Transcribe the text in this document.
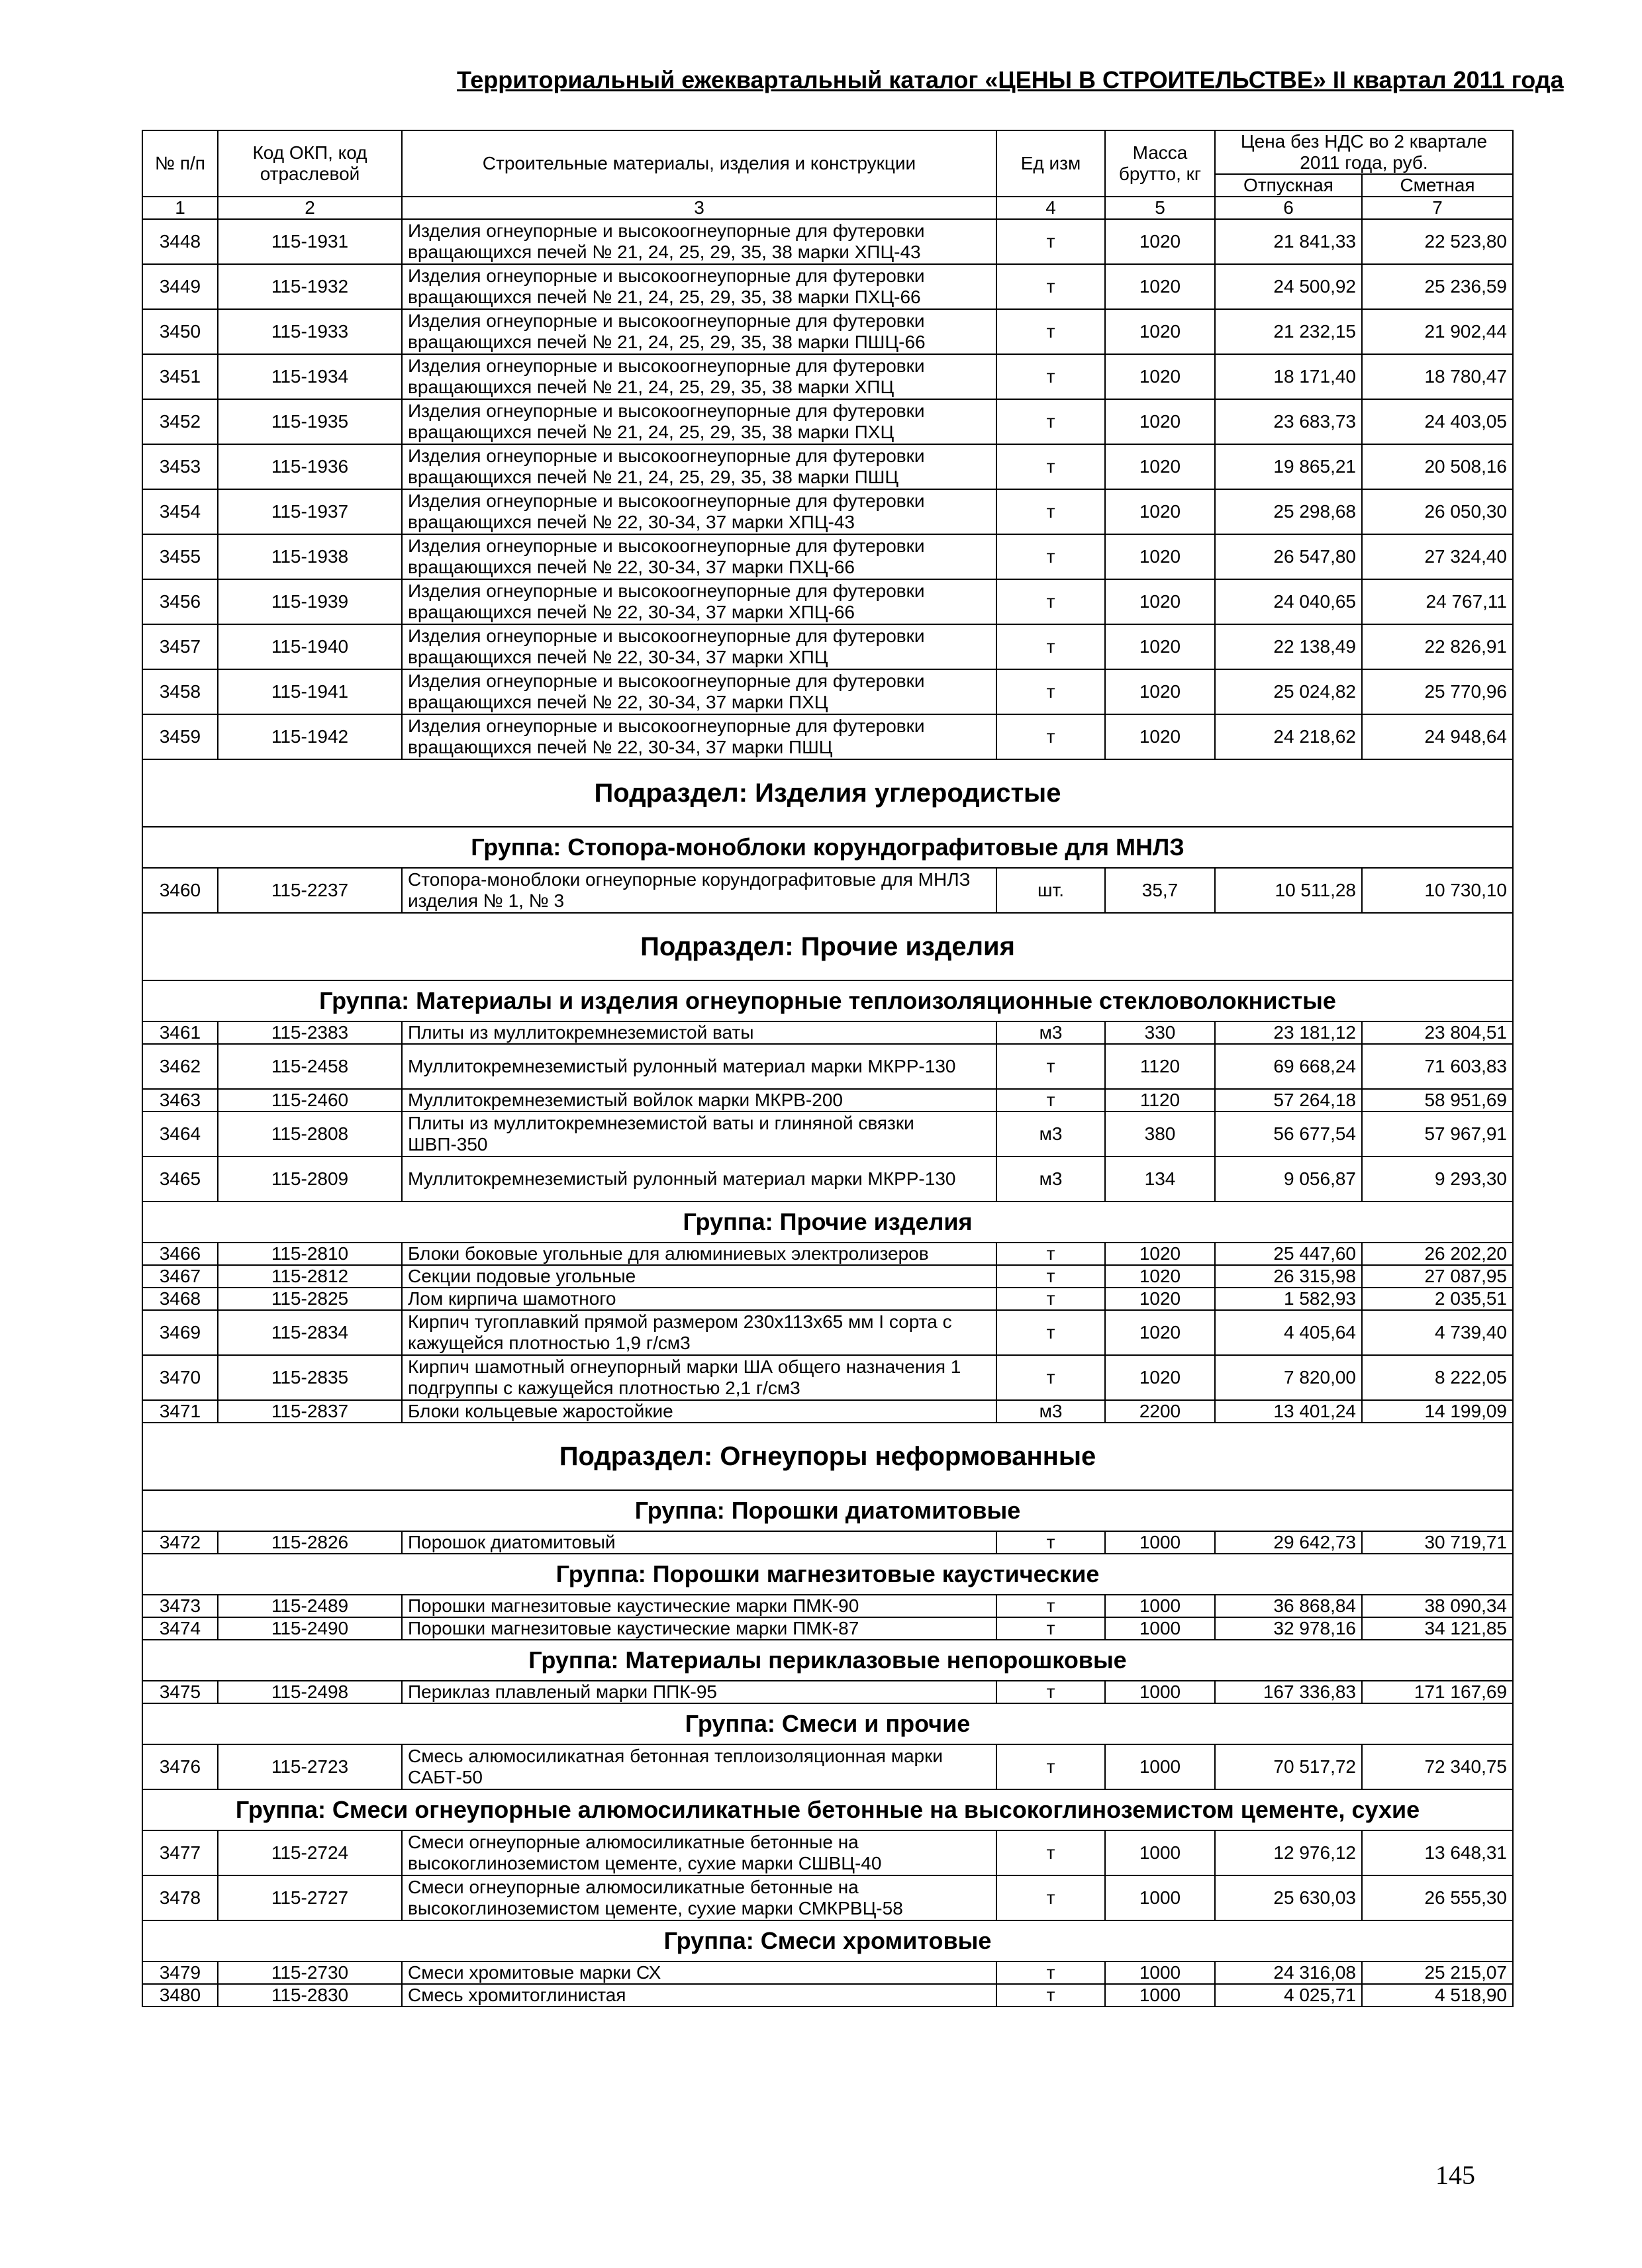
Территориальный ежеквартальный каталог «ЦЕНЫ В СТРОИТЕЛЬСТВЕ» II квартал 2011 года
№ п/п	Код ОКП, код отраслевой	Строительные материалы, изделия и конструкции	Ед изм	Масса брутто, кг	Цена без НДС во 2 квартале 2011 года, руб.	
					Отпускная	Сметная
1	2	3	4	5	6	7
3448	115-1931	Изделия огнеупорные и высокоогнеупорные для футеровки вращающихся печей № 21, 24, 25, 29, 35, 38 марки ХПЦ-43	т	1020	21 841,33	22 523,80
3449	115-1932	Изделия огнеупорные и высокоогнеупорные для футеровки вращающихся печей № 21, 24, 25, 29, 35, 38 марки ПХЦ-66	т	1020	24 500,92	25 236,59
3450	115-1933	Изделия огнеупорные и высокоогнеупорные для футеровки вращающихся печей № 21, 24, 25, 29, 35, 38 марки ПШЦ-66	т	1020	21 232,15	21 902,44
3451	115-1934	Изделия огнеупорные и высокоогнеупорные для футеровки вращающихся печей № 21, 24, 25, 29, 35, 38 марки ХПЦ	т	1020	18 171,40	18 780,47
3452	115-1935	Изделия огнеупорные и высокоогнеупорные для футеровки вращающихся печей № 21, 24, 25, 29, 35, 38 марки ПХЦ	т	1020	23 683,73	24 403,05
3453	115-1936	Изделия огнеупорные и высокоогнеупорные для футеровки вращающихся печей № 21, 24, 25, 29, 35, 38 марки ПШЦ	т	1020	19 865,21	20 508,16
3454	115-1937	Изделия огнеупорные и высокоогнеупорные для футеровки вращающихся печей № 22, 30-34, 37 марки ХПЦ-43	т	1020	25 298,68	26 050,30
3455	115-1938	Изделия огнеупорные и высокоогнеупорные для футеровки вращающихся печей № 22, 30-34, 37 марки ПХЦ-66	т	1020	26 547,80	27 324,40
3456	115-1939	Изделия огнеупорные и высокоогнеупорные для футеровки вращающихся печей № 22, 30-34, 37 марки ХПЦ-66	т	1020	24 040,65	24 767,11
3457	115-1940	Изделия огнеупорные и высокоогнеупорные для футеровки вращающихся печей № 22, 30-34, 37 марки ХПЦ	т	1020	22 138,49	22 826,91
3458	115-1941	Изделия огнеупорные и высокоогнеупорные для футеровки вращающихся печей № 22, 30-34, 37 марки ПХЦ	т	1020	25 024,82	25 770,96
3459	115-1942	Изделия огнеупорные и высокоогнеупорные для футеровки вращающихся печей № 22, 30-34, 37 марки ПШЦ	т	1020	24 218,62	24 948,64
Подраздел: Изделия углеродистые						
Группа: Стопора-моноблоки корундографитовые для МНЛЗ						
3460	115-2237	Стопора-моноблоки огнеупорные корундографитовые для МНЛЗ изделия № 1, № 3	шт.	35,7	10 511,28	10 730,10
Подраздел: Прочие изделия						
Группа: Материалы и изделия огнеупорные теплоизоляционные стекловолокнистые						
3461	115-2383	Плиты из муллитокремнеземистой ваты	м3	330	23 181,12	23 804,51
3462	115-2458	Муллитокремнеземистый рулонный материал марки МКРР-130	т	1120	69 668,24	71 603,83
3463	115-2460	Муллитокремнеземистый войлок марки МКРВ-200	т	1120	57 264,18	58 951,69
3464	115-2808	Плиты из муллитокремнеземистой ваты и глиняной связки ШВП-350	м3	380	56 677,54	57 967,91
3465	115-2809	Муллитокремнеземистый рулонный материал марки МКРР-130	м3	134	9 056,87	9 293,30
Группа: Прочие изделия						
3466	115-2810	Блоки боковые угольные для алюминиевых электролизеров	т	1020	25 447,60	26 202,20
3467	115-2812	Секции подовые угольные	т	1020	26 315,98	27 087,95
3468	115-2825	Лом кирпича шамотного	т	1020	1 582,93	2 035,51
3469	115-2834	Кирпич тугоплавкий прямой размером 230х113х65 мм I сорта с кажущейся плотностью 1,9 г/см3	т	1020	4 405,64	4 739,40
3470	115-2835	Кирпич шамотный огнеупорный марки ША общего назначения 1 подгруппы с кажущейся плотностью 2,1 г/см3	т	1020	7 820,00	8 222,05
3471	115-2837	Блоки кольцевые жаростойкие	м3	2200	13 401,24	14 199,09
Подраздел: Огнеупоры неформованные						
Группа: Порошки диатомитовые						
3472	115-2826	Порошок диатомитовый	т	1000	29 642,73	30 719,71
Группа: Порошки магнезитовые каустические						
3473	115-2489	Порошки магнезитовые каустические марки ПМК-90	т	1000	36 868,84	38 090,34
3474	115-2490	Порошки магнезитовые каустические марки ПМК-87	т	1000	32 978,16	34 121,85
Группа: Материалы периклазовые непорошковые						
3475	115-2498	Периклаз плавленый марки ППК-95	т	1000	167 336,83	171 167,69
Группа: Смеси и прочие						
3476	115-2723	Смесь алюмосиликатная бетонная теплоизоляционная марки САБТ-50	т	1000	70 517,72	72 340,75
Группа: Смеси огнеупорные алюмосиликатные бетонные на высокоглиноземистом цементе, сухие						
3477	115-2724	Смеси огнеупорные алюмосиликатные бетонные на высокоглиноземистом цементе, сухие марки СШВЦ-40	т	1000	12 976,12	13 648,31
3478	115-2727	Смеси огнеупорные алюмосиликатные бетонные на высокоглиноземистом цементе, сухие марки СМКРВЦ-58	т	1000	25 630,03	26 555,30
Группа: Смеси хромитовые						
3479	115-2730	Смеси хромитовые марки СХ	т	1000	24 316,08	25 215,07
3480	115-2830	Смесь хромитоглинистая	т	1000	4 025,71	4 518,90
145
